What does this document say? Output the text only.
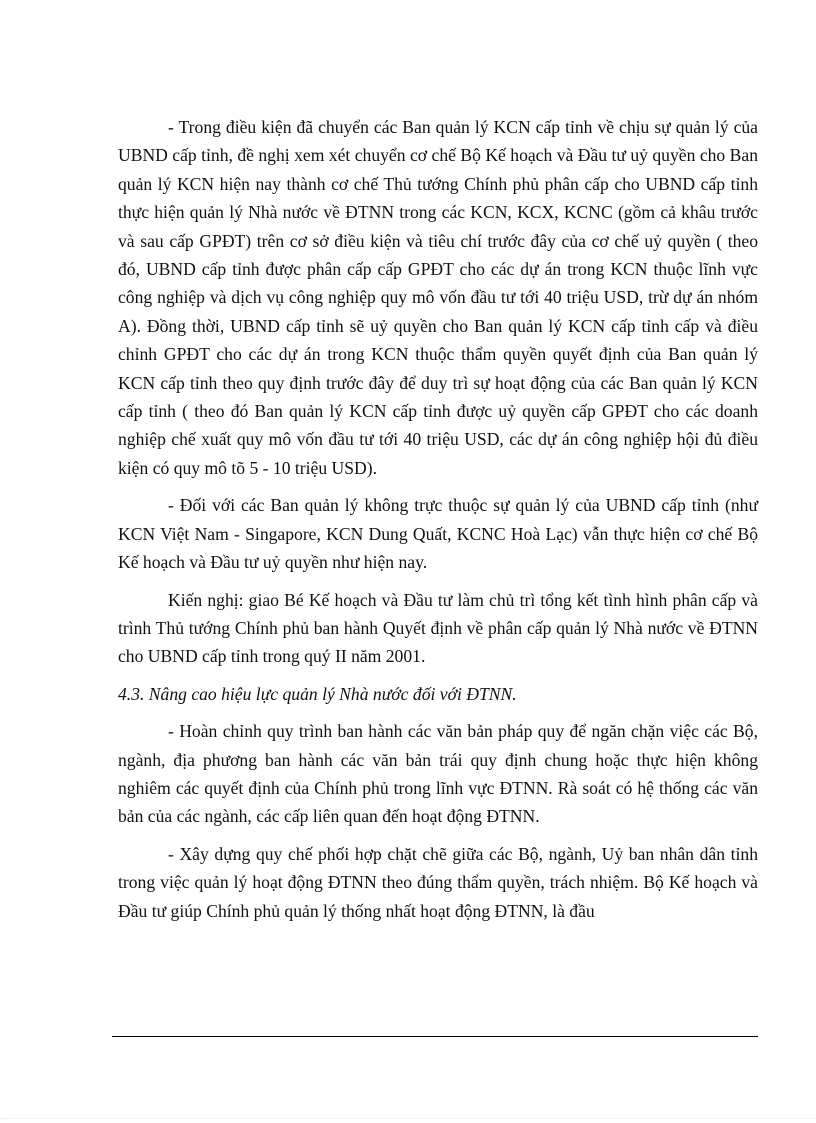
- Trong điều kiện đã chuyển các Ban quản lý KCN cấp tỉnh về chịu sự quản lý của UBND cấp tỉnh, đề nghị xem xét chuyển cơ chế Bộ Kế hoạch và Đầu tư uỷ quyền cho Ban quản lý KCN hiện nay thành cơ chế Thủ tướng Chính phủ phân cấp cho UBND cấp tỉnh thực hiện quản lý Nhà nước về ĐTNN trong các KCN, KCX, KCNC (gồm cả khâu trước và sau cấp GPĐT) trên cơ sở điều kiện và tiêu chí trước đây của cơ chế uỷ quyền ( theo đó, UBND cấp tỉnh được phân cấp cấp GPĐT cho các dự án trong KCN thuộc lĩnh vực công nghiệp và dịch vụ công nghiệp quy mô vốn đầu tư tới 40 triệu USD, trừ dự án nhóm A). Đồng thời, UBND cấp tỉnh sẽ uỷ quyền cho Ban quản lý KCN cấp tỉnh cấp và điều chỉnh GPĐT cho các dự án trong KCN thuộc thẩm quyền quyết định của Ban quản lý KCN cấp tỉnh theo quy định trước đây để duy trì sự hoạt động của các Ban quản lý KCN cấp tỉnh ( theo đó Ban quản lý KCN cấp tỉnh được uỷ quyền cấp GPĐT cho các doanh nghiệp chế xuất quy mô vốn đầu tư tới 40 triệu USD, các dự án công nghiệp hội đủ điều kiện có quy mô tõ 5 - 10 triệu USD).

- Đối với các Ban quản lý không trực thuộc sự quản lý của UBND cấp tỉnh (như KCN Việt Nam - Singapore, KCN Dung Quất, KCNC Hoà Lạc) vẫn thực hiện cơ chế Bộ Kế hoạch và Đầu tư uỷ quyền như hiện nay.

Kiến nghị: giao Bé Kế hoạch và Đầu tư làm chủ trì tổng kết tình hình phân cấp và trình Thủ tướng Chính phủ ban hành Quyết định về phân cấp quản lý Nhà nước về ĐTNN cho UBND cấp tỉnh trong quý II năm 2001.

4.3. Nâng cao hiệu lực quản lý Nhà nước đối với ĐTNN.

- Hoàn chỉnh quy trình ban hành các văn bản pháp quy để ngăn chặn việc các Bộ, ngành, địa phương ban hành các văn bản trái quy định chung hoặc thực hiện không nghiêm các quyết định của Chính phủ trong lĩnh vực ĐTNN. Rà soát có hệ thống các văn bản của các ngành, các cấp liên quan đến hoạt động ĐTNN.

- Xây dựng quy chế phối hợp chặt chẽ giữa các Bộ, ngành, Uỷ ban nhân dân tỉnh trong việc quản lý hoạt động ĐTNN theo đúng thẩm quyền, trách nhiệm. Bộ Kế hoạch và Đầu tư giúp Chính phủ quản lý thống nhất hoạt động ĐTNN, là đầu
